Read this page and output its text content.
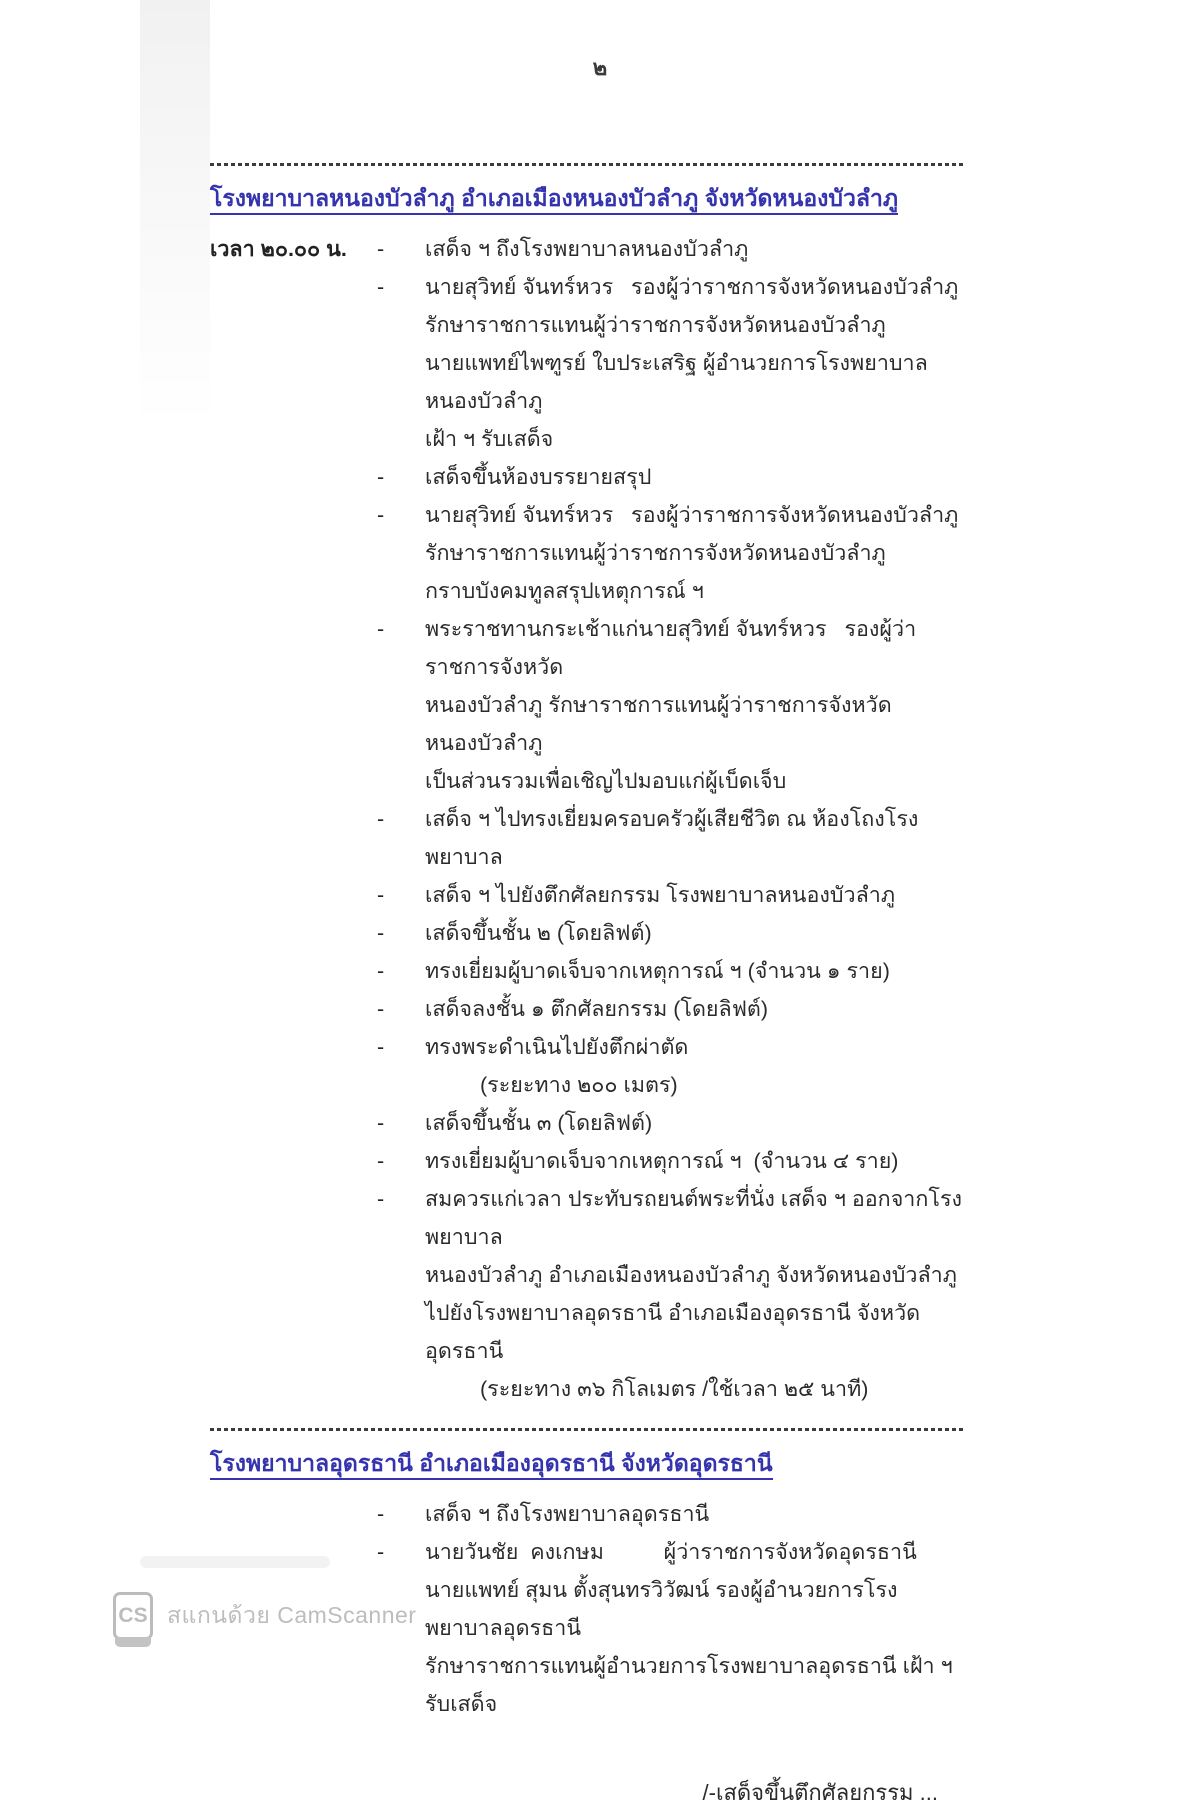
๒
โรงพยาบาลหนองบัวลำภู อำเภอเมืองหนองบัวลำภู จังหวัดหนองบัวลำภู
เวลา ๒๐.๐๐ น.	-	เสด็จ ฯ ถึงโรงพยาบาลหนองบัวลำภู
-	นายสุวิทย์ จันทร์หวร   รองผู้ว่าราชการจังหวัดหนองบัวลำภู
รักษาราชการแทนผู้ว่าราชการจังหวัดหนองบัวลำภู
นายแพทย์ไพฑูรย์ ใบประเสริฐ ผู้อำนวยการโรงพยาบาลหนองบัวลำภู
เฝ้า ฯ รับเสด็จ
-	เสด็จขึ้นห้องบรรยายสรุป
-	นายสุวิทย์ จันทร์หวร   รองผู้ว่าราชการจังหวัดหนองบัวลำภู
รักษาราชการแทนผู้ว่าราชการจังหวัดหนองบัวลำภู
กราบบังคมทูลสรุปเหตุการณ์ ฯ
-	พระราชทานกระเช้าแก่นายสุวิทย์ จันทร์หวร   รองผู้ว่าราชการจังหวัด
หนองบัวลำภู รักษาราชการแทนผู้ว่าราชการจังหวัดหนองบัวลำภู
เป็นส่วนรวมเพื่อเชิญไปมอบแก่ผู้เบ็ดเจ็บ
-	เสด็จ ฯ ไปทรงเยี่ยมครอบครัวผู้เสียชีวิต ณ ห้องโถงโรงพยาบาล
-	เสด็จ ฯ ไปยังตึกศัลยกรรม โรงพยาบาลหนองบัวลำภู
-	เสด็จขึ้นชั้น ๒ (โดยลิฟต์)
-	ทรงเยี่ยมผู้บาดเจ็บจากเหตุการณ์ ฯ (จำนวน ๑ ราย)
-	เสด็จลงชั้น ๑ ตึกศัลยกรรม (โดยลิฟต์)
-	ทรงพระดำเนินไปยังตึกผ่าตัด
(ระยะทาง ๒๐๐ เมตร)
-	เสด็จขึ้นชั้น ๓ (โดยลิฟต์)
-	ทรงเยี่ยมผู้บาดเจ็บจากเหตุการณ์ ฯ  (จำนวน ๔ ราย)
-	สมควรแก่เวลา ประทับรถยนต์พระที่นั่ง เสด็จ ฯ ออกจากโรงพยาบาล
หนองบัวลำภู อำเภอเมืองหนองบัวลำภู จังหวัดหนองบัวลำภู
ไปยังโรงพยาบาลอุดรธานี อำเภอเมืองอุดรธานี จังหวัดอุดรธานี
(ระยะทาง ๓๖ กิโลเมตร /ใช้เวลา ๒๕ นาที)
โรงพยาบาลอุดรธานี อำเภอเมืองอุดรธานี จังหวัดอุดรธานี
-	เสด็จ ฯ ถึงโรงพยาบาลอุดรธานี
-	นายวันชัย  คงเกษม          ผู้ว่าราชการจังหวัดอุดรธานี
นายแพทย์ สุมน ตั้งสุนทรวิวัฒน์ รองผู้อำนวยการโรงพยาบาลอุดรธานี
รักษาราชการแทนผู้อำนวยการโรงพยาบาลอุดรธานี เฝ้า ฯ รับเสด็จ
/-เสด็จขึ้นตึกศัลยกรรม ...
CS สแกนด้วย CamScanner
